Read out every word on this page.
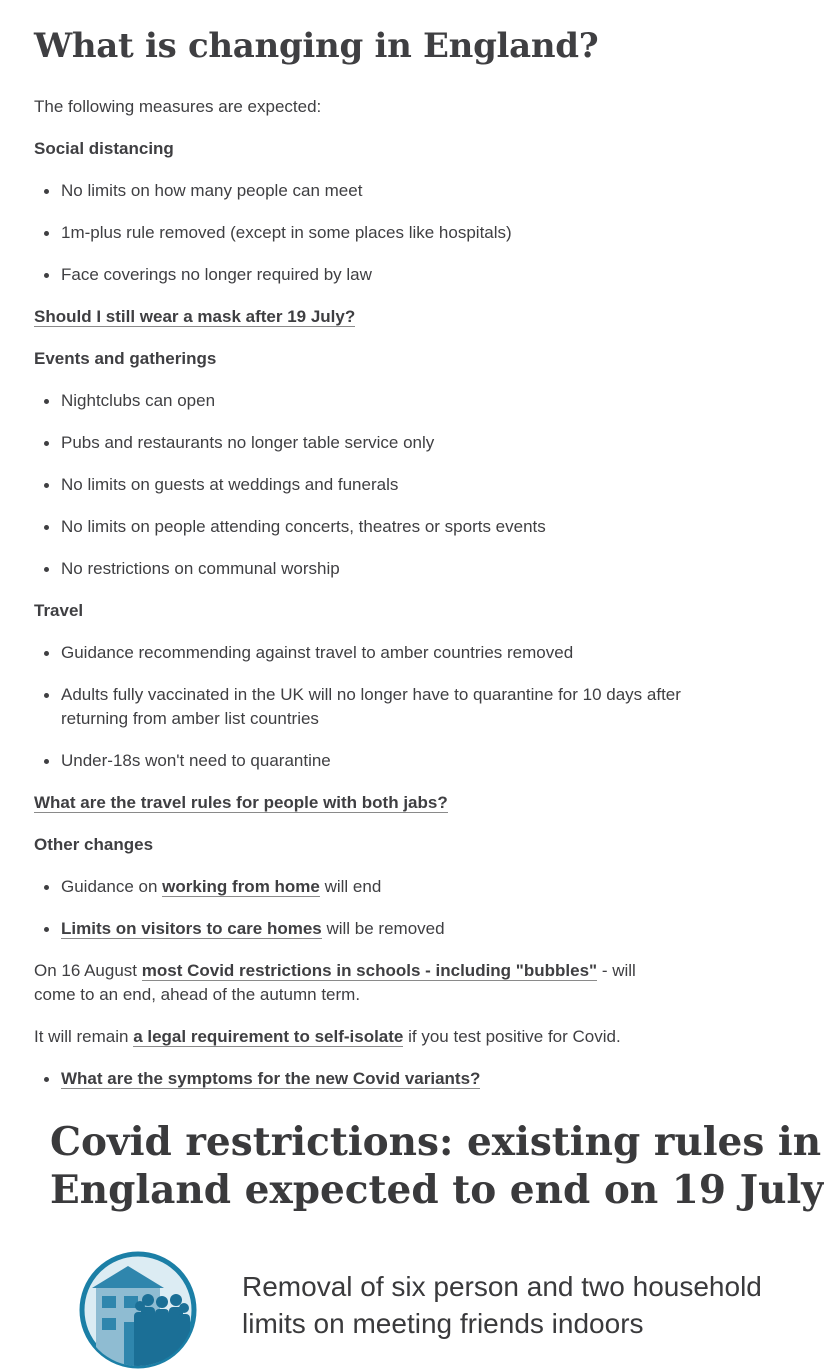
What is changing in England?
The following measures are expected:
Social distancing
No limits on how many people can meet
1m-plus rule removed (except in some places like hospitals)
Face coverings no longer required by law
Should I still wear a mask after 19 July?
Events and gatherings
Nightclubs can open
Pubs and restaurants no longer table service only
No limits on guests at weddings and funerals
No limits on people attending concerts, theatres or sports events
No restrictions on communal worship
Travel
Guidance recommending against travel to amber countries removed
Adults fully vaccinated in the UK will no longer have to quarantine for 10 days after returning from amber list countries
Under-18s won't need to quarantine
What are the travel rules for people with both jabs?
Other changes
Guidance on working from home will end
Limits on visitors to care homes will be removed
On 16 August most Covid restrictions in schools - including "bubbles" - will come to an end, ahead of the autumn term.
It will remain a legal requirement to self-isolate if you test positive for Covid.
What are the symptoms for the new Covid variants?
Covid restrictions: existing rules in
England expected to end on 19 July
Removal of six person and two household
limits on meeting friends indoors
